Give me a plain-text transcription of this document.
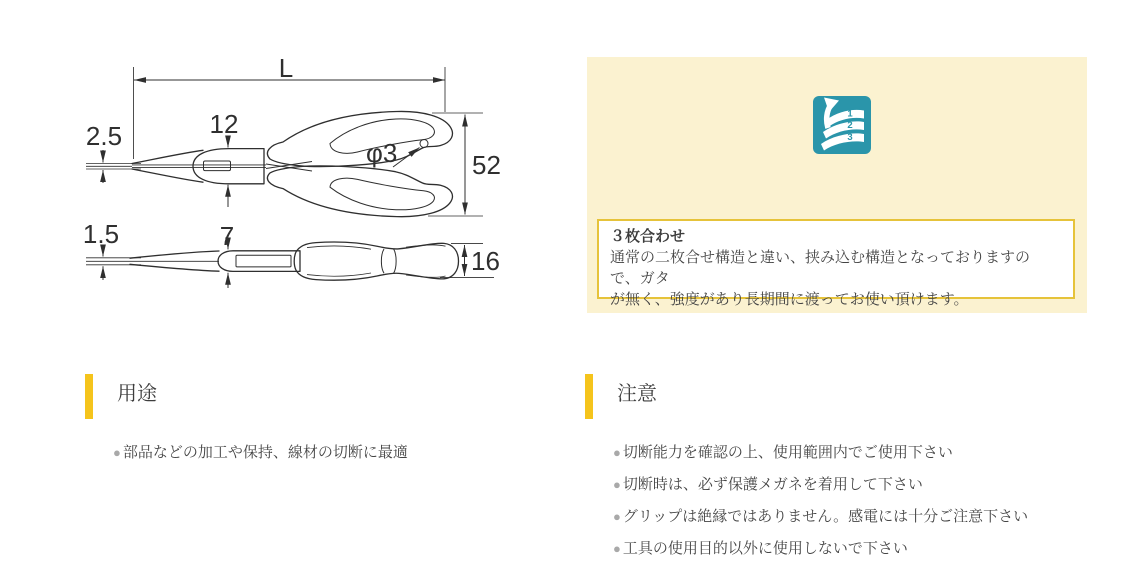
L
12
2.5
φ3	52
1.5	7
16
1
2
3
３枚合わせ
通常の二枚合せ構造と違い、挟み込む構造となっておりますので、ガタ
が無く、強度があり長期間に渡ってお使い頂けます。
用途
● 部品などの加工や保持、線材の切断に最適
注意
● 切断能力を確認の上、使用範囲内でご使用下さい
● 切断時は、必ず保護メガネを着用して下さい
● グリップは絶縁ではありません。感電には十分ご注意下さい
● 工具の使用目的以外に使用しないで下さい
